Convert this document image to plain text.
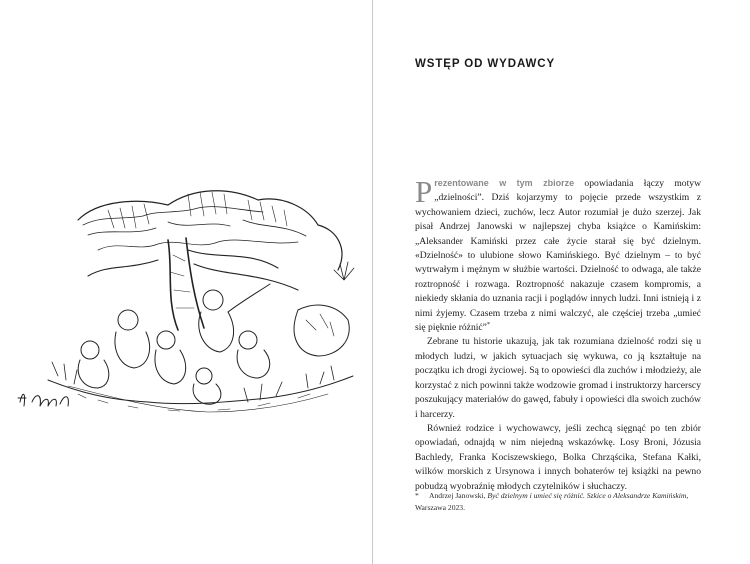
WSTĘP OD WYDAWCY

Prezentowane w tym zbiorze opowiadania łączy motyw „dzielności”. Dziś kojarzymy to pojęcie przede wszystkim z wychowaniem dzieci, zuchów, lecz Autor rozumiał je dużo szerzej. Jak pisał Andrzej Janowski w najlepszej chyba książce o Kamińskim: „Aleksander Kamiński przez całe życie starał się być dzielnym. «Dzielność» to ulubione słowo Kamińskiego. Być dzielnym – to być wytrwałym i mężnym w służbie wartości. Dzielność to odwaga, ale także roztropność i rozwaga. Roztropność nakazuje czasem kompromis, a niekiedy skłania do uznania racji i poglądów innych ludzi. Inni istnieją i z nimi żyjemy. Czasem trzeba z nimi walczyć, ale częściej trzeba „umieć się pięknie różnić”*

Zebrane tu historie ukazują, jak tak rozumiana dzielność rodzi się u młodych ludzi, w jakich sytuacjach się wykuwa, co ją kształtuje na początku ich drogi życiowej. Są to opowieści dla zuchów i młodzieży, ale korzystać z nich powinni także wodzowie gromad i instruktorzy harcerscy poszukujący materiałów do gawęd, fabuły i opowieści dla swoich zuchów i harcerzy.

Również rodzice i wychowawcy, jeśli zechcą sięgnąć po ten zbiór opowiadań, odnajdą w nim niejedną wskazówkę. Losy Broni, Józusia Bachledy, Franka Kociszewskiego, Bolka Chrząścika, Stefana Kałki, wilków morskich z Ursynowa i innych bohaterów tej książki na pewno pobudzą wyobraźnię młodych czytelników i słuchaczy.

* Andrzej Janowski, Być dzielnym i umieć się różnić. Szkice o Aleksandrze Kamińskim, Warszawa 2023.
